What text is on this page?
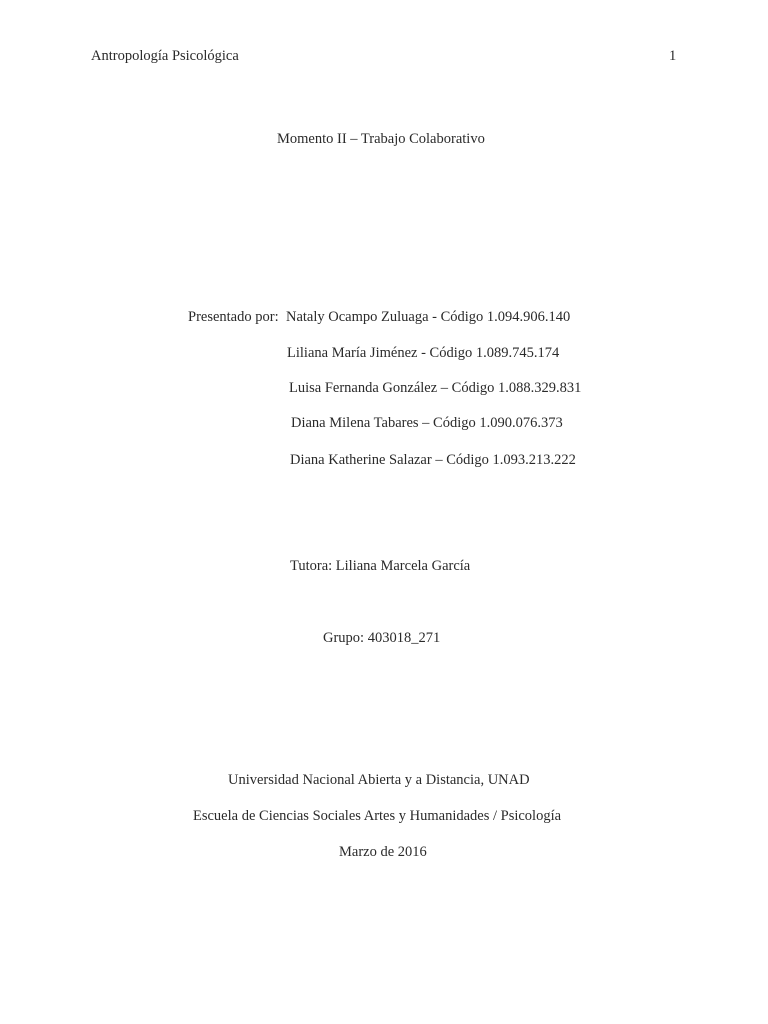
Antropología Psicológica	1
Momento II – Trabajo Colaborativo
Presentado por: Nataly Ocampo Zuluaga - Código 1.094.906.140
Liliana María Jiménez - Código 1.089.745.174
Luisa Fernanda González – Código 1.088.329.831
Diana Milena Tabares – Código 1.090.076.373
Diana Katherine Salazar – Código 1.093.213.222
Tutora: Liliana Marcela García
Grupo: 403018_271
Universidad Nacional Abierta y a Distancia, UNAD
Escuela de Ciencias Sociales Artes y Humanidades / Psicología
Marzo de 2016
